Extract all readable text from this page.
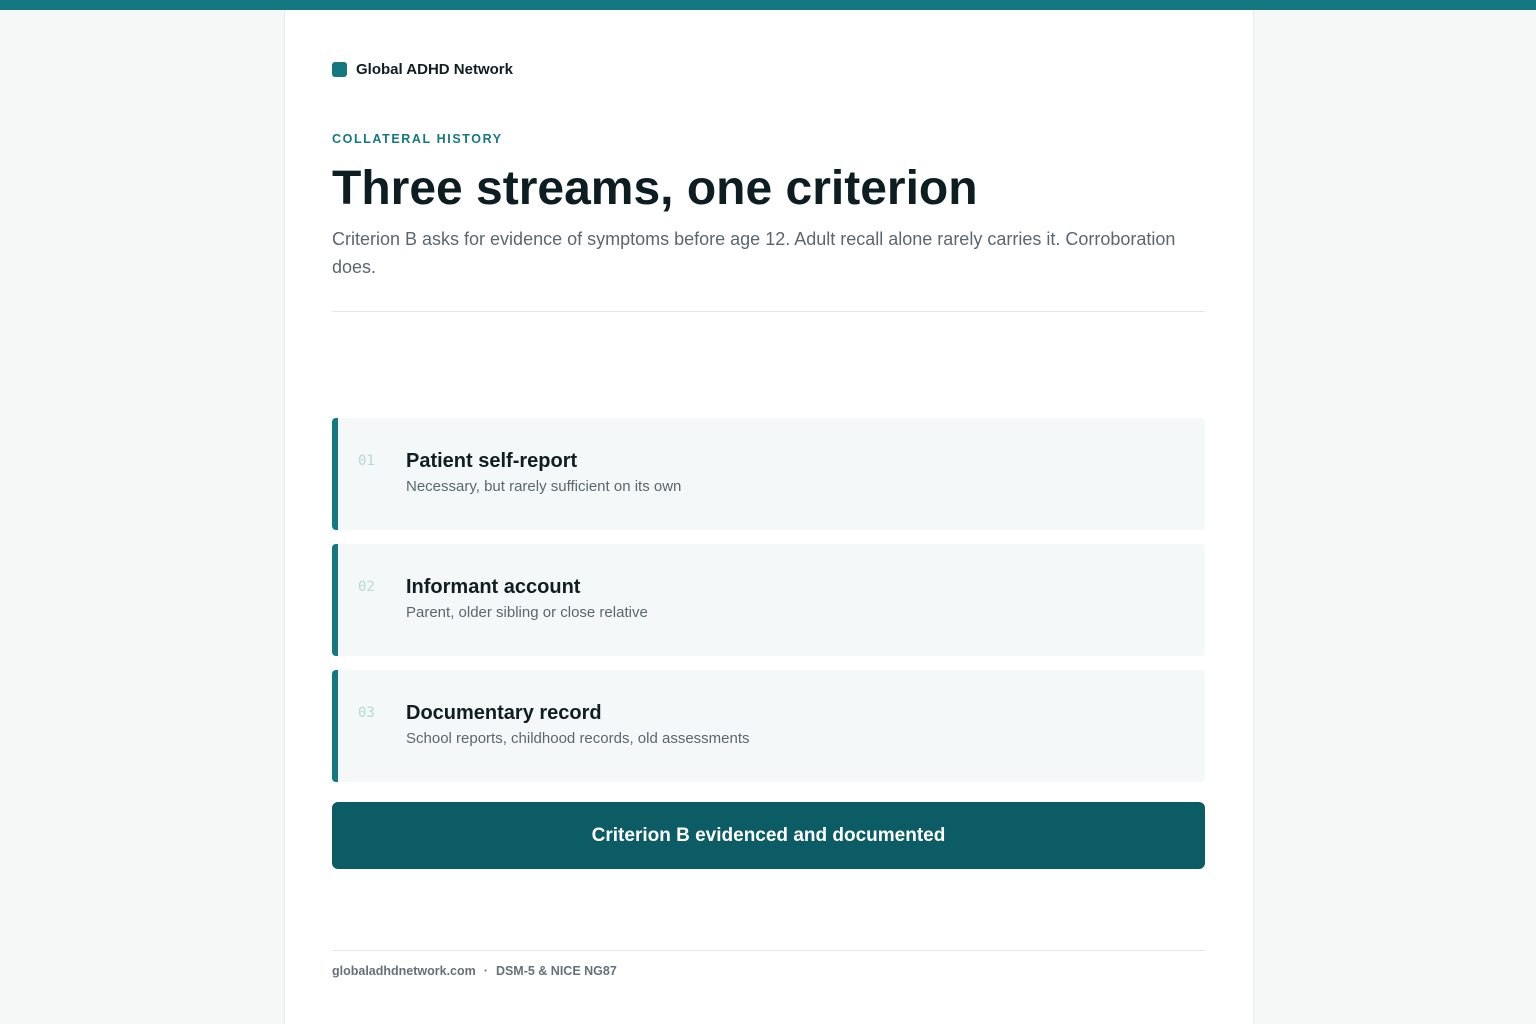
Global ADHD Network
COLLATERAL HISTORY
Three streams, one criterion

Criterion B asks for evidence of symptoms before age 12. Adult recall alone rarely carries it. Corroboration does.

01 Patient self-report
Necessary, but rarely sufficient on its own
02 Informant account
Parent, older sibling or close relative
03 Documentary record
School reports, childhood records, old assessments
Criterion B evidenced and documented
globaladhdnetwork.com · DSM-5 & NICE NG87
